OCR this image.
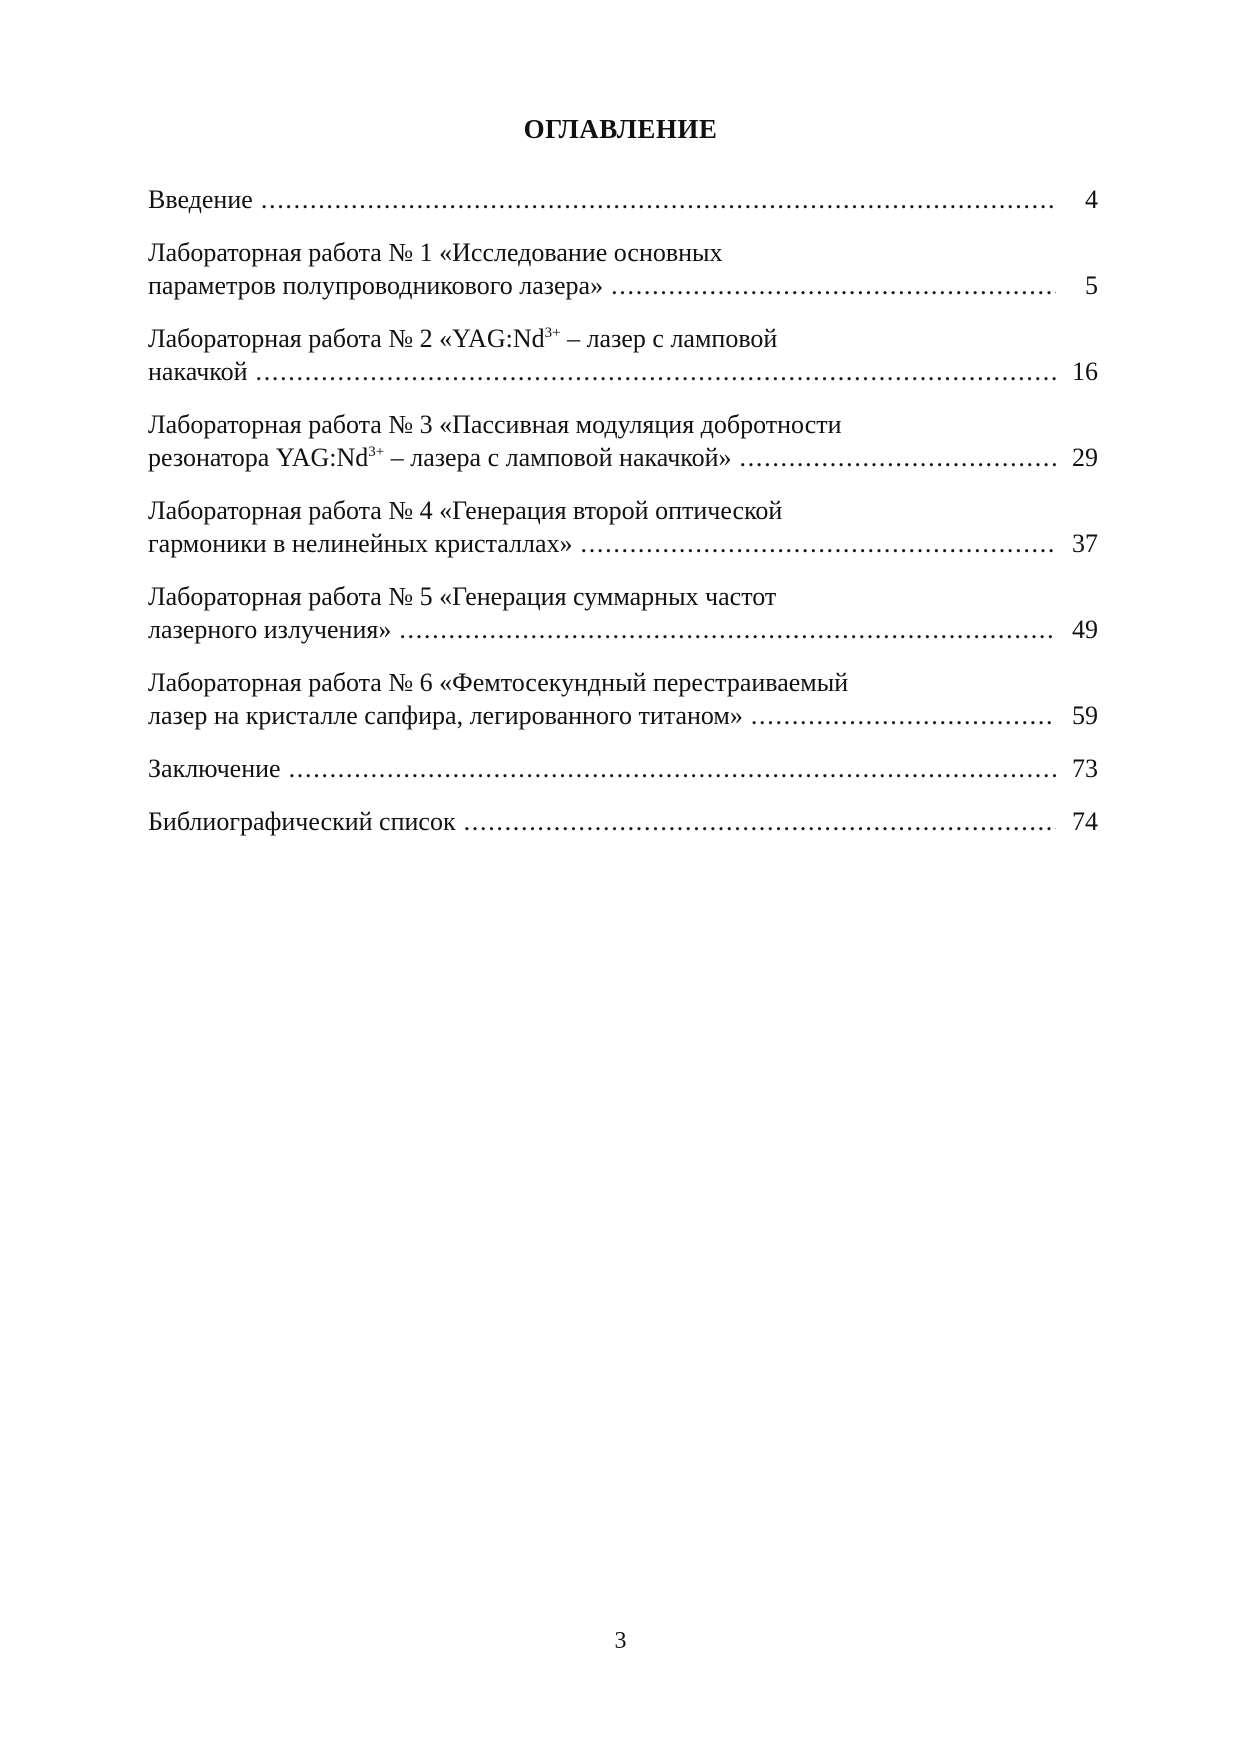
ОГЛАВЛЕНИЕ
Введение . . .	4
Лабораторная работа № 1 «Исследование основных
параметров полупроводникового лазера» . . .	5
Лабораторная работа № 2 «$YAG:Nd^{3+}$ – лазер с ламповой
накачкой . . .	16
Лабораторная работа № 3 «Пассивная модуляция добротности
резонатора $YAG:Nd^{3+}$ – лазера с ламповой накачкой» . . .	29
Лабораторная работа № 4 «Генерация второй оптической
гармоники в нелинейных кристаллах» . . .	37
Лабораторная работа № 5 «Генерация суммарных частот
лазерного излучения» . . .	49
Лабораторная работа № 6 «Фемтосекундный перестраиваемый
лазер на кристалле сапфира, легированного титаном» . . .	59
Заключение . . .	73
Библиографический список . . .	74
3
